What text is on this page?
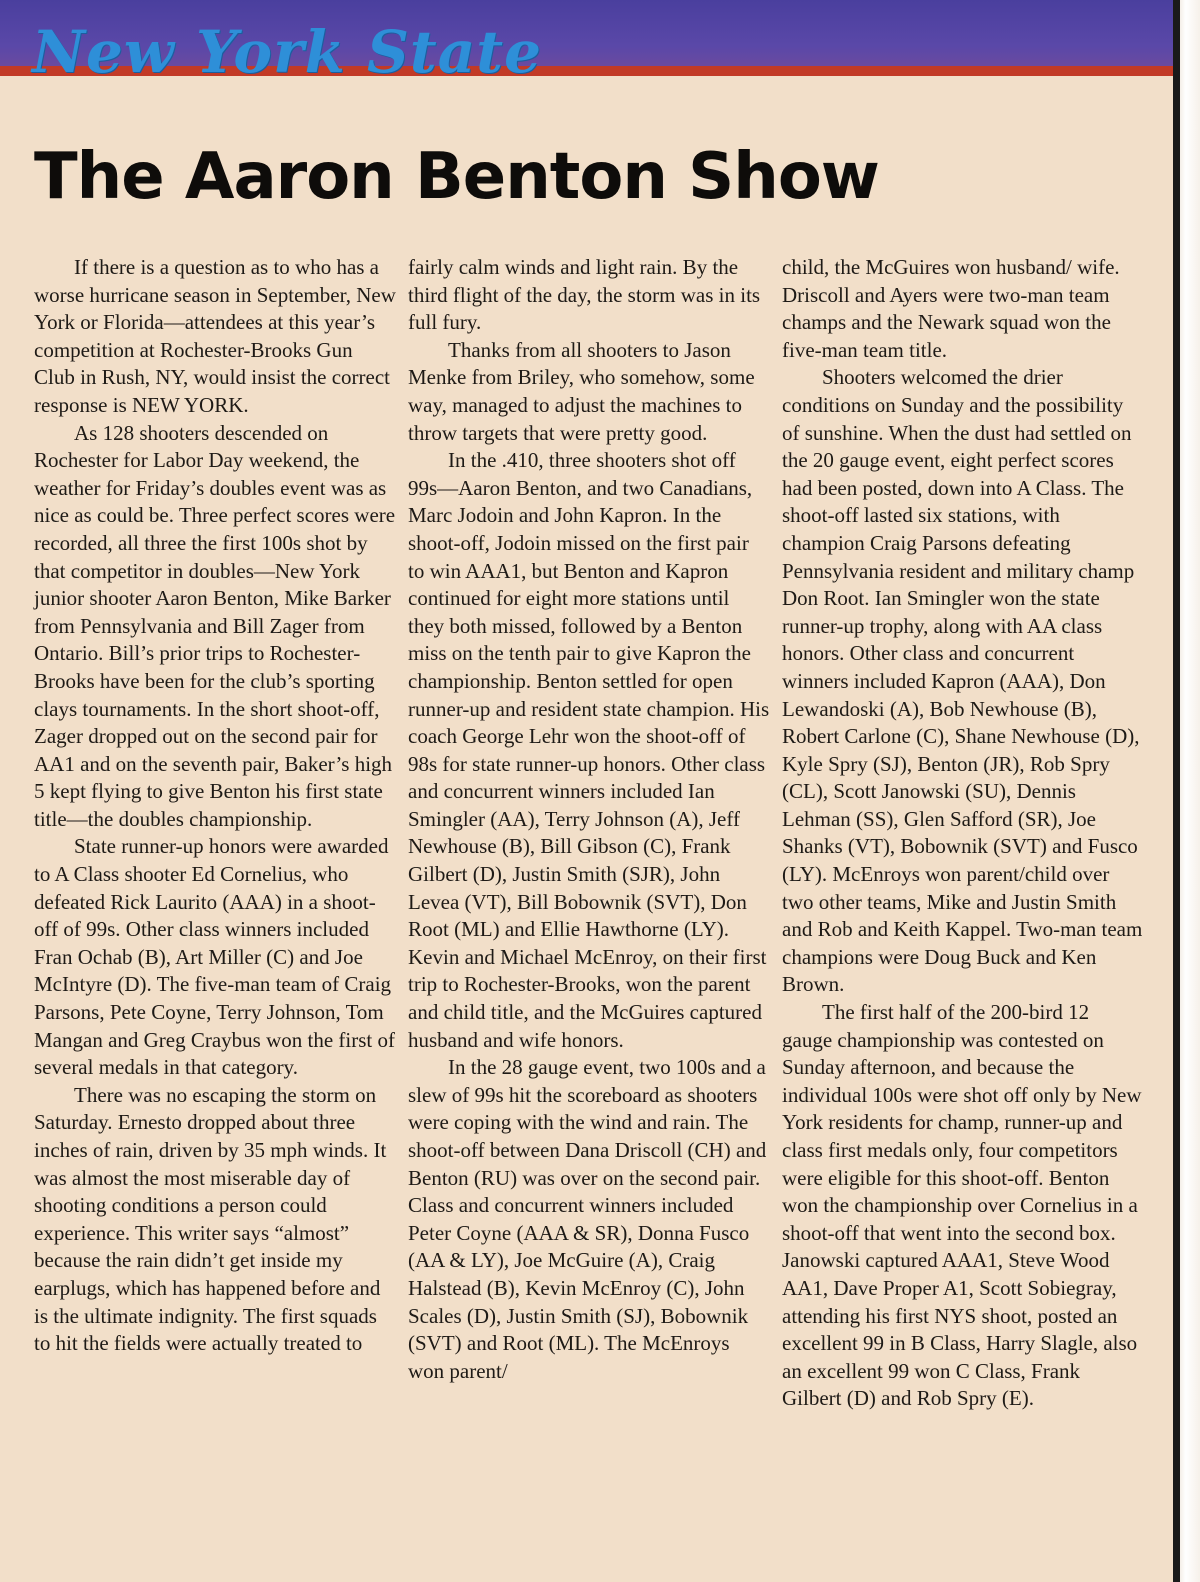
New York State
The Aaron Benton Show

If there is a question as to who has a worse hurricane season in September, New York or Florida—attendees at this year’s competition at Rochester-Brooks Gun Club in Rush, NY, would insist the correct response is NEW YORK.

As 128 shooters descended on Rochester for Labor Day weekend, the weather for Friday’s doubles event was as nice as could be. Three perfect scores were recorded, all three the first 100s shot by that competitor in doubles—New York junior shooter Aaron Benton, Mike Barker from Pennsylvania and Bill Zager from Ontario. Bill’s prior trips to Rochester-Brooks have been for the club’s sporting clays tournaments. In the short shoot-off, Zager dropped out on the second pair for AA1 and on the seventh pair, Baker’s high 5 kept flying to give Benton his first state title—the doubles championship.

State runner-up honors were awarded to A Class shooter Ed Cornelius, who defeated Rick Laurito (AAA) in a shoot-off of 99s. Other class winners included Fran Ochab (B), Art Miller (C) and Joe McIntyre (D). The five-man team of Craig Parsons, Pete Coyne, Terry Johnson, Tom Mangan and Greg Craybus won the first of several medals in that category.

There was no escaping the storm on Saturday. Ernesto dropped about three inches of rain, driven by 35 mph winds. It was almost the most miserable day of shooting conditions a person could experience. This writer says “almost” because the rain didn’t get inside my earplugs, which has happened before and is the ultimate indignity. The first squads to hit the fields were actually treated to

fairly calm winds and light rain. By the third flight of the day, the storm was in its full fury.

Thanks from all shooters to Jason Menke from Briley, who somehow, some way, managed to adjust the machines to throw targets that were pretty good.

In the .410, three shooters shot off 99s—Aaron Benton, and two Canadians, Marc Jodoin and John Kapron. In the shoot-off, Jodoin missed on the first pair to win AAA1, but Benton and Kapron continued for eight more stations until they both missed, followed by a Benton miss on the tenth pair to give Kapron the championship. Benton settled for open runner-up and resident state champion. His coach George Lehr won the shoot-off of 98s for state runner-up honors. Other class and concurrent winners included Ian Smingler (AA), Terry Johnson (A), Jeff Newhouse (B), Bill Gibson (C), Frank Gilbert (D), Justin Smith (SJR), John Levea (VT), Bill Bobownik (SVT), Don Root (ML) and Ellie Hawthorne (LY). Kevin and Michael McEnroy, on their first trip to Rochester-Brooks, won the parent and child title, and the McGuires captured husband and wife honors.

In the 28 gauge event, two 100s and a slew of 99s hit the scoreboard as shooters were coping with the wind and rain. The shoot-off between Dana Driscoll (CH) and Benton (RU) was over on the second pair. Class and concurrent winners included Peter Coyne (AAA & SR), Donna Fusco (AA & LY), Joe McGuire (A), Craig Halstead (B), Kevin McEnroy (C), John Scales (D), Justin Smith (SJ), Bobownik (SVT) and Root (ML). The McEnroys won parent/

child, the McGuires won husband/ wife. Driscoll and Ayers were two-man team champs and the Newark squad won the five-man team title.

Shooters welcomed the drier conditions on Sunday and the possibility of sunshine. When the dust had settled on the 20 gauge event, eight perfect scores had been posted, down into A Class. The shoot-off lasted six stations, with champion Craig Parsons defeating Pennsylvania resident and military champ Don Root. Ian Smingler won the state runner-up trophy, along with AA class honors. Other class and concurrent winners included Kapron (AAA), Don Lewandoski (A), Bob Newhouse (B), Robert Carlone (C), Shane Newhouse (D), Kyle Spry (SJ), Benton (JR), Rob Spry (CL), Scott Janowski (SU), Dennis Lehman (SS), Glen Safford (SR), Joe Shanks (VT), Bobownik (SVT) and Fusco (LY). McEnroys won parent/child over two other teams, Mike and Justin Smith and Rob and Keith Kappel. Two-man team champions were Doug Buck and Ken Brown.

The first half of the 200-bird 12 gauge championship was contested on Sunday afternoon, and because the individual 100s were shot off only by New York residents for champ, runner-up and class first medals only, four competitors were eligible for this shoot-off. Benton won the championship over Cornelius in a shoot-off that went into the second box. Janowski captured AAA1, Steve Wood AA1, Dave Proper A1, Scott Sobiegray, attending his first NYS shoot, posted an excellent 99 in B Class, Harry Slagle, also an excellent 99 won C Class, Frank Gilbert (D) and Rob Spry (E).
